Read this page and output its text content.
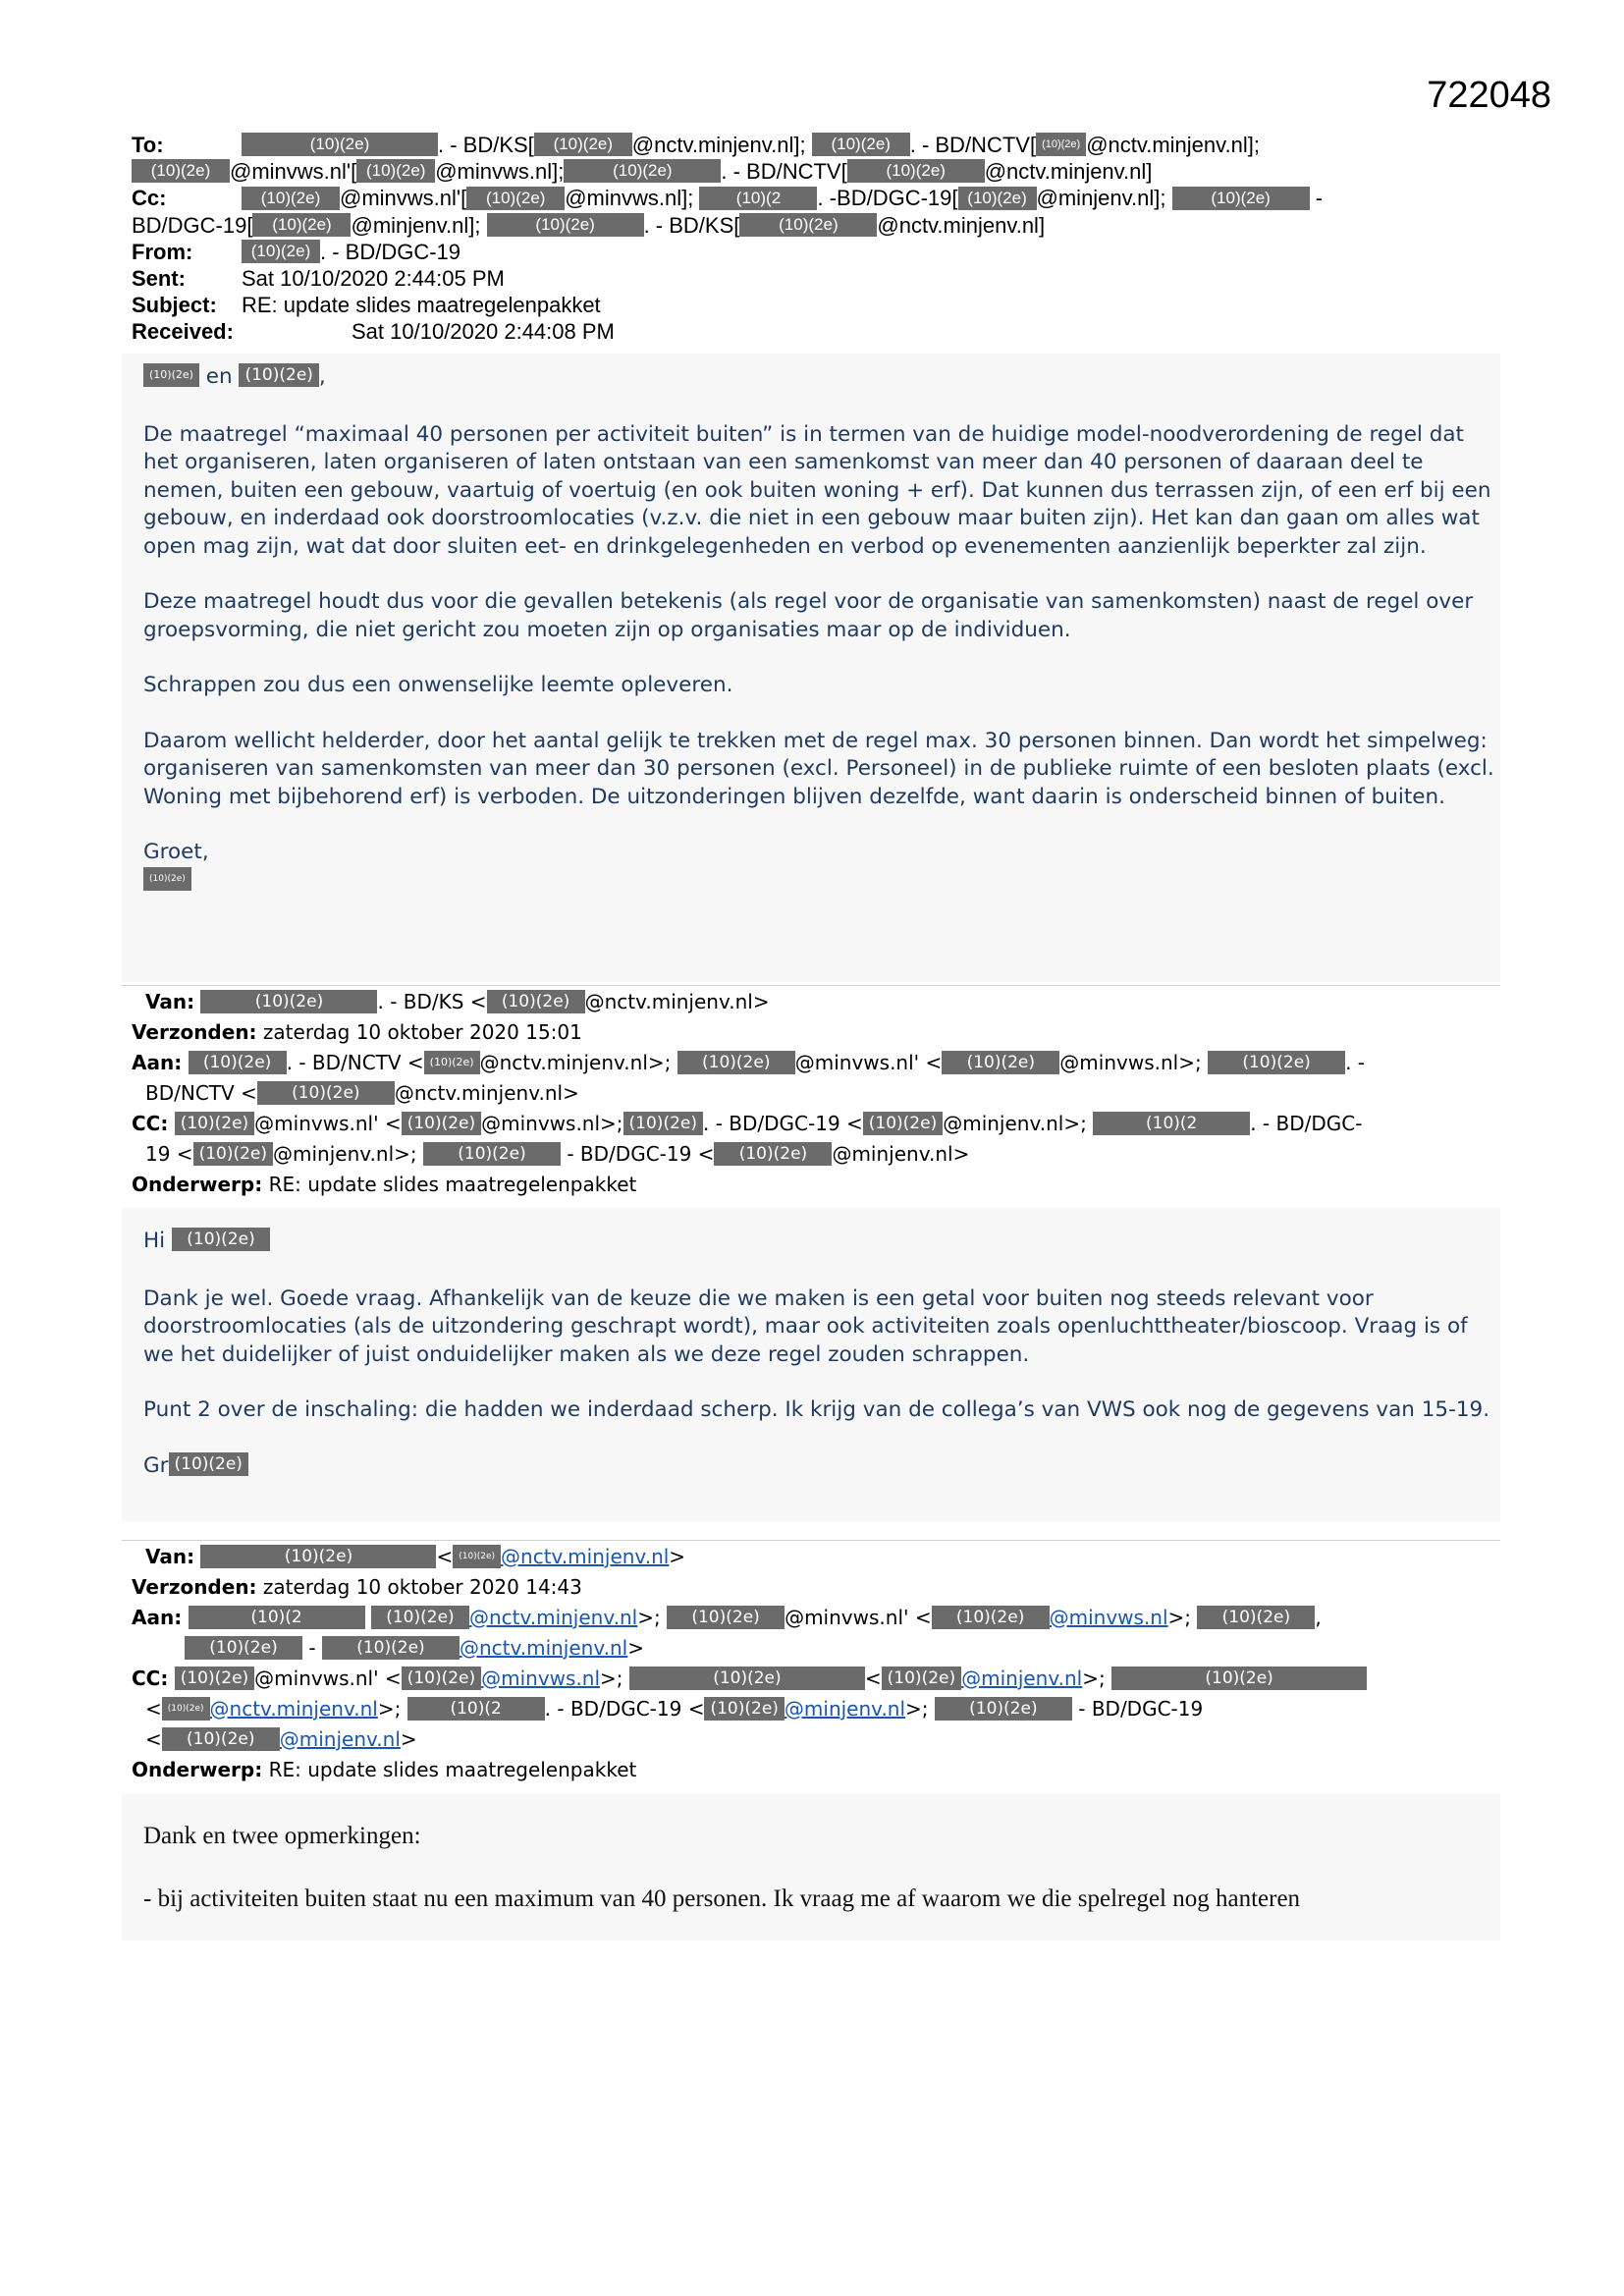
722048
To:	(10)(2e)	. - BD/KS[ (10)(2e) @nctv.minjenv.nl]; (10)(2e) . - BD/NCTV[ (10)(2e) @nctv.minjenv.nl];
(10)(2e) @minvws.nl'[ (10)(2e) @minvws.nl];	(10)(2e) . - BD/NCTV[ (10)(2e) @nctv.minjenv.nl]
Cc:	(10)(2e) @minvws.nl'[ (10)(2e) @minvws.nl];	(10)(2 . -BD/DGC-19[ (10)(2e) @minjenv.nl];	(10)(2e) -
BD/DGC-19[ (10)(2e) @minjenv.nl];	(10)(2e) . - BD/KS[ (10)(2e) @nctv.minjenv.nl]
From:	(10)(2e) . - BD/DGC-19
Sent:	Sat 10/10/2020 2:44:05 PM
Subject: RE: update slides maatregelenpakket
Received:	Sat 10/10/2020 2:44:08 PM

(10)(2e) en (10)(2e) ,

De maatregel “maximaal 40 personen per activiteit buiten” is in termen van de huidige model-noodverordening de regel dat het organiseren, laten organiseren of laten ontstaan van een samenkomst van meer dan 40 personen of daaraan deel te nemen, buiten een gebouw, vaartuig of voertuig (en ook buiten woning + erf). Dat kunnen dus terrassen zijn, of een erf bij een gebouw, en inderdaad ook doorstroomlocaties (v.z.v. die niet in een gebouw maar buiten zijn). Het kan dan gaan om alles wat open mag zijn, wat dat door sluiten eet- en drinkgelegenheden en verbod op evenementen aanzienlijk beperkter zal zijn.

Deze maatregel houdt dus voor die gevallen betekenis (als regel voor de organisatie van samenkomsten) naast de regel over groepsvorming, die niet gericht zou moeten zijn op organisaties maar op de individuen.

Schrappen zou dus een onwenselijke leemte opleveren.

Daarom wellicht helderder, door het aantal gelijk te trekken met de regel max. 30 personen binnen. Dan wordt het simpelweg: organiseren van samenkomsten van meer dan 30 personen (excl. Personeel) in de publieke ruimte of een besloten plaats (excl. Woning met bijbehorend erf) is verboden. De uitzonderingen blijven dezelfde, want daarin is onderscheid binnen of buiten.

Groet,
(10)(2e)

Van:	(10)(2e)	. - BD/KS < (10)(2e) @nctv.minjenv.nl>
Verzonden: zaterdag 10 oktober 2020 15:01
Aan: (10)(2e) . - BD/NCTV < (10)(2e) @nctv.minjenv.nl>; (10)(2e) @minvws.nl' < (10)(2e) @minvws.nl>; (10)(2e) . -
BD/NCTV < (10)(2e) @nctv.minjenv.nl>
CC: (10)(2e) @minvws.nl' < (10)(2e) @minvws.nl>; (10)(2e) . - BD/DGC-19 < (10)(2e) @minjenv.nl>;	(10)(2	. - BD/DGC-
19 < (10)(2e) @minjenv.nl>; (10)(2e) - BD/DGC-19 < (10)(2e) @minjenv.nl>
Onderwerp: RE: update slides maatregelenpakket

Hi (10)(2e)

Dank je wel. Goede vraag. Afhankelijk van de keuze die we maken is een getal voor buiten nog steeds relevant voor doorstroomlocaties (als de uitzondering geschrapt wordt), maar ook activiteiten zoals openluchttheater/bioscoop. Vraag is of we het duidelijker of juist onduidelijker maken als we deze regel zouden schrappen.

Punt 2 over de inschaling: die hadden we inderdaad scherp. Ik krijg van de collega’s van VWS ook nog de gegevens van 15-19.

Gr (10)(2e)

Van:	(10)(2e)	< (10)(2e) @nctv.minjenv.nl>
Verzonden: zaterdag 10 oktober 2020 14:43
Aan:	(10)(2	(10)(2e) @nctv.minjenv.nl>; (10)(2e) @minvws.nl' < (10)(2e) @minvws.nl>; (10)(2e) ,
(10)(2e) - (10)(2e) @nctv.minjenv.nl>
CC: (10)(2e) @minvws.nl' < (10)(2e) @minvws.nl>;	(10)(2e)	< (10)(2e) @minjenv.nl>;	(10)(2e)
< (10)(2e) @nctv.minjenv.nl>;	(10)(2 . - BD/DGC-19 < (10)(2e) @minjenv.nl>; (10)(2e) - BD/DGC-19
< (10)(2e) @minjenv.nl>
Onderwerp: RE: update slides maatregelenpakket

Dank en twee opmerkingen:

- bij activiteiten buiten staat nu een maximum van 40 personen. Ik vraag me af waarom we die spelregel nog hanteren
